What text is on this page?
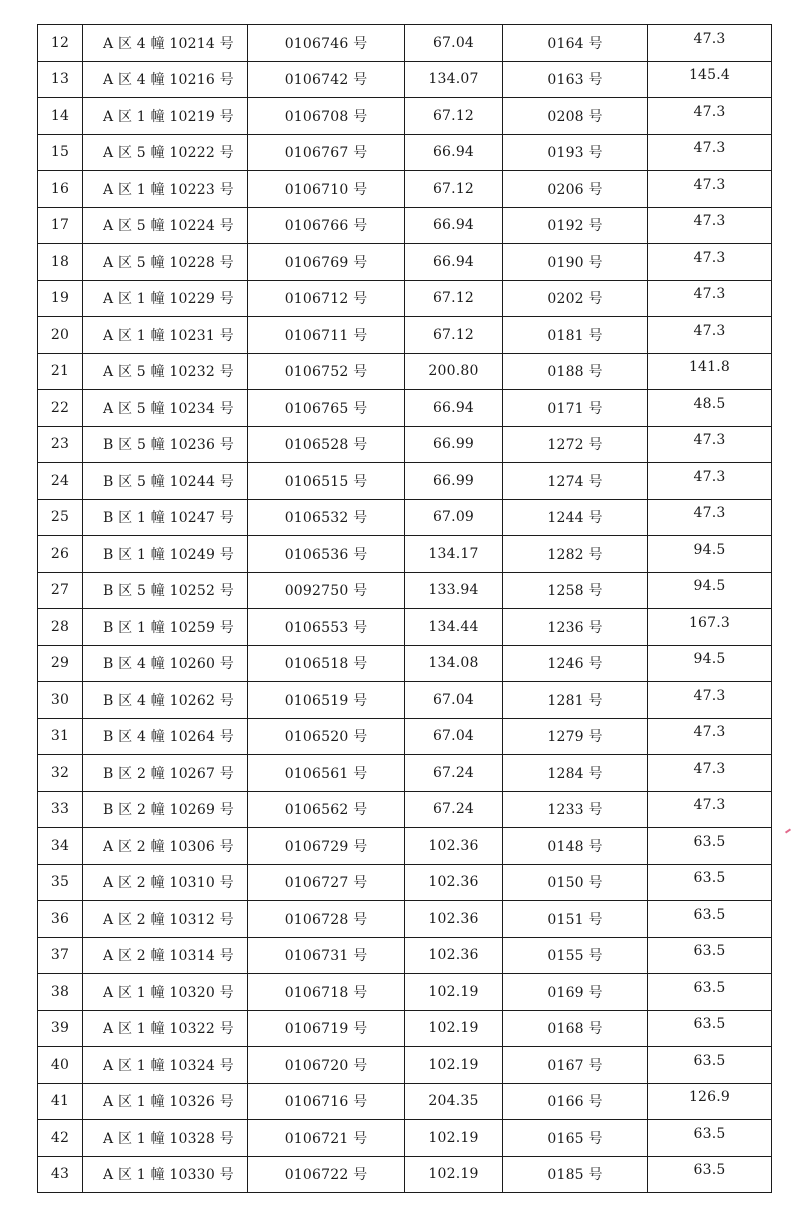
12	A 区 4 幢 10214 号	0106746 号	67.04	0164 号	47.3
13	A 区 4 幢 10216 号	0106742 号	134.07	0163 号	145.4
14	A 区 1 幢 10219 号	0106708 号	67.12	0208 号	47.3
15	A 区 5 幢 10222 号	0106767 号	66.94	0193 号	47.3
16	A 区 1 幢 10223 号	0106710 号	67.12	0206 号	47.3
17	A 区 5 幢 10224 号	0106766 号	66.94	0192 号	47.3
18	A 区 5 幢 10228 号	0106769 号	66.94	0190 号	47.3
19	A 区 1 幢 10229 号	0106712 号	67.12	0202 号	47.3
20	A 区 1 幢 10231 号	0106711 号	67.12	0181 号	47.3
21	A 区 5 幢 10232 号	0106752 号	200.80	0188 号	141.8
22	A 区 5 幢 10234 号	0106765 号	66.94	0171 号	48.5
23	B 区 5 幢 10236 号	0106528 号	66.99	1272 号	47.3
24	B 区 5 幢 10244 号	0106515 号	66.99	1274 号	47.3
25	B 区 1 幢 10247 号	0106532 号	67.09	1244 号	47.3
26	B 区 1 幢 10249 号	0106536 号	134.17	1282 号	94.5
27	B 区 5 幢 10252 号	0092750 号	133.94	1258 号	94.5
28	B 区 1 幢 10259 号	0106553 号	134.44	1236 号	167.3
29	B 区 4 幢 10260 号	0106518 号	134.08	1246 号	94.5
30	B 区 4 幢 10262 号	0106519 号	67.04	1281 号	47.3
31	B 区 4 幢 10264 号	0106520 号	67.04	1279 号	47.3
32	B 区 2 幢 10267 号	0106561 号	67.24	1284 号	47.3
33	B 区 2 幢 10269 号	0106562 号	67.24	1233 号	47.3
34	A 区 2 幢 10306 号	0106729 号	102.36	0148 号	63.5
35	A 区 2 幢 10310 号	0106727 号	102.36	0150 号	63.5
36	A 区 2 幢 10312 号	0106728 号	102.36	0151 号	63.5
37	A 区 2 幢 10314 号	0106731 号	102.36	0155 号	63.5
38	A 区 1 幢 10320 号	0106718 号	102.19	0169 号	63.5
39	A 区 1 幢 10322 号	0106719 号	102.19	0168 号	63.5
40	A 区 1 幢 10324 号	0106720 号	102.19	0167 号	63.5
41	A 区 1 幢 10326 号	0106716 号	204.35	0166 号	126.9
42	A 区 1 幢 10328 号	0106721 号	102.19	0165 号	63.5
43	A 区 1 幢 10330 号	0106722 号	102.19	0185 号	63.5
